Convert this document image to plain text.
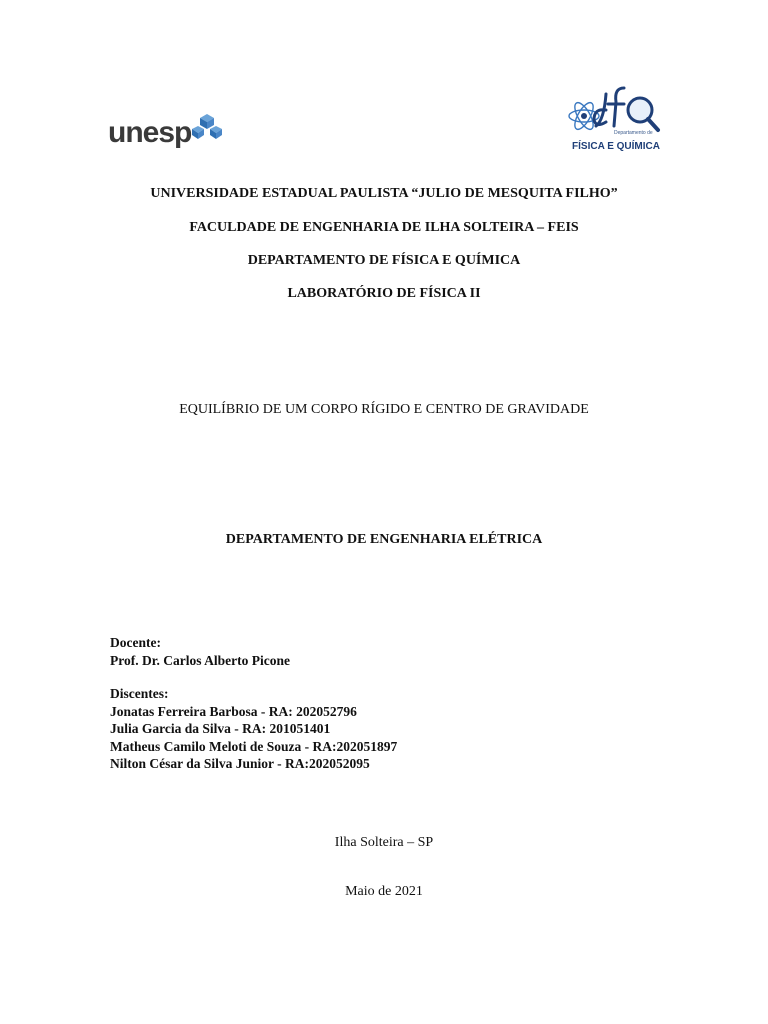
unesp	Departamento de
FÍSICA E QUÍMICA
UNIVERSIDADE ESTADUAL PAULISTA “JULIO DE MESQUITA FILHO”
FACULDADE DE ENGENHARIA DE ILHA SOLTEIRA – FEIS
DEPARTAMENTO DE FÍSICA E QUÍMICA
LABORATÓRIO DE FÍSICA II
EQUILÍBRIO DE UM CORPO RÍGIDO E CENTRO DE GRAVIDADE
DEPARTAMENTO DE ENGENHARIA ELÉTRICA
Docente:
Prof. Dr. Carlos Alberto Picone
Discentes:
Jonatas Ferreira Barbosa - RA: 202052796
Julia Garcia da Silva - RA: 201051401
Matheus Camilo Meloti de Souza - RA:202051897
Nilton César da Silva Junior - RA:202052095
Ilha Solteira – SP
Maio de 2021
